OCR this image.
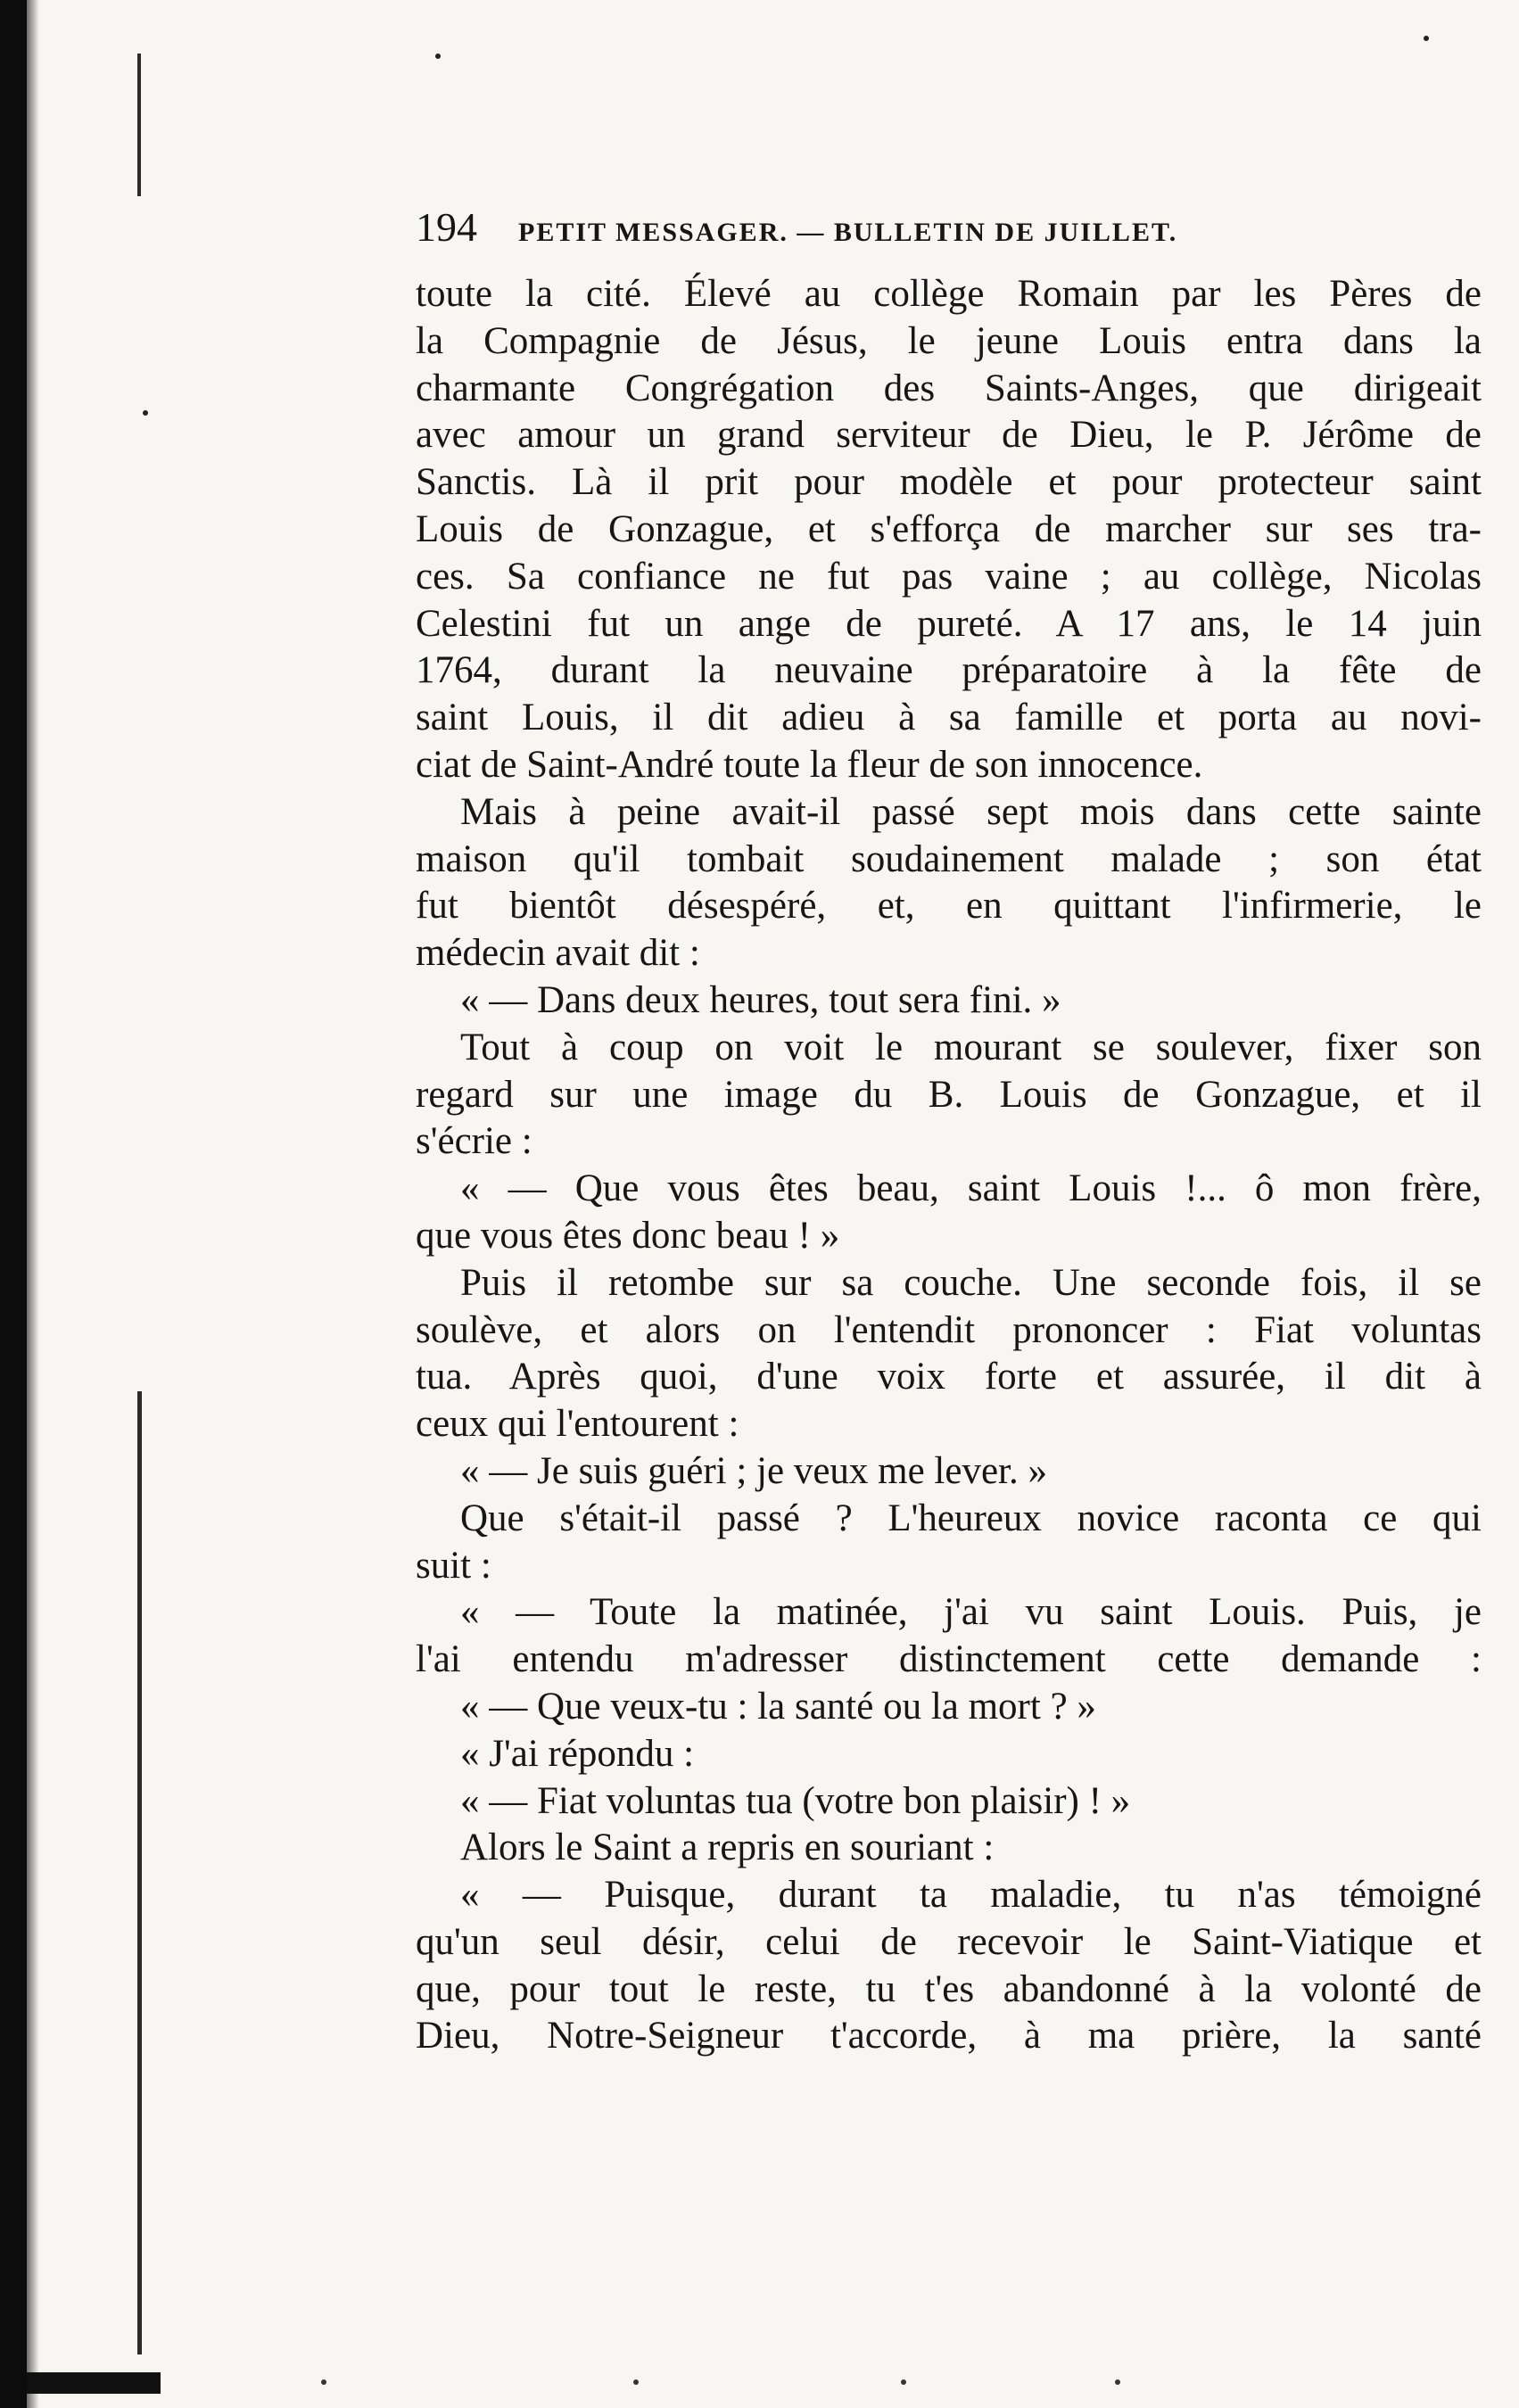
194 PETIT MESSAGER. — BULLETIN DE JUILLET.
toute la cité. Élevé au collège Romain par les Pères de
la Compagnie de Jésus, le jeune Louis entra dans la
charmante Congrégation des Saints-Anges, que dirigeait
avec amour un grand serviteur de Dieu, le P. Jérôme de
Sanctis. Là il prit pour modèle et pour protecteur saint
Louis de Gonzague, et s'efforça de marcher sur ses tra-
ces. Sa confiance ne fut pas vaine ; au collège, Nicolas
Celestini fut un ange de pureté. A 17 ans, le 14 juin
1764, durant la neuvaine préparatoire à la fête de
saint Louis, il dit adieu à sa famille et porta au novi-
ciat de Saint-André toute la fleur de son innocence.
Mais à peine avait-il passé sept mois dans cette sainte
maison qu'il tombait soudainement malade ; son état
fut bientôt désespéré, et, en quittant l'infirmerie, le
médecin avait dit :
« — Dans deux heures, tout sera fini. »
Tout à coup on voit le mourant se soulever, fixer son
regard sur une image du B. Louis de Gonzague, et il
s'écrie :
« — Que vous êtes beau, saint Louis !... ô mon frère,
que vous êtes donc beau ! »
Puis il retombe sur sa couche. Une seconde fois, il se
soulève, et alors on l'entendit prononcer : Fiat voluntas
tua. Après quoi, d'une voix forte et assurée, il dit à
ceux qui l'entourent :
« — Je suis guéri ; je veux me lever. »
Que s'était-il passé ? L'heureux novice raconta ce qui
suit :
« — Toute la matinée, j'ai vu saint Louis. Puis, je
l'ai entendu m'adresser distinctement cette demande :
« — Que veux-tu : la santé ou la mort ? »
« J'ai répondu :
« — Fiat voluntas tua (votre bon plaisir) ! »
Alors le Saint a repris en souriant :
« — Puisque, durant ta maladie, tu n'as témoigné
qu'un seul désir, celui de recevoir le Saint-Viatique et
que, pour tout le reste, tu t'es abandonné à la volonté de
Dieu, Notre-Seigneur t'accorde, à ma prière, la santé
